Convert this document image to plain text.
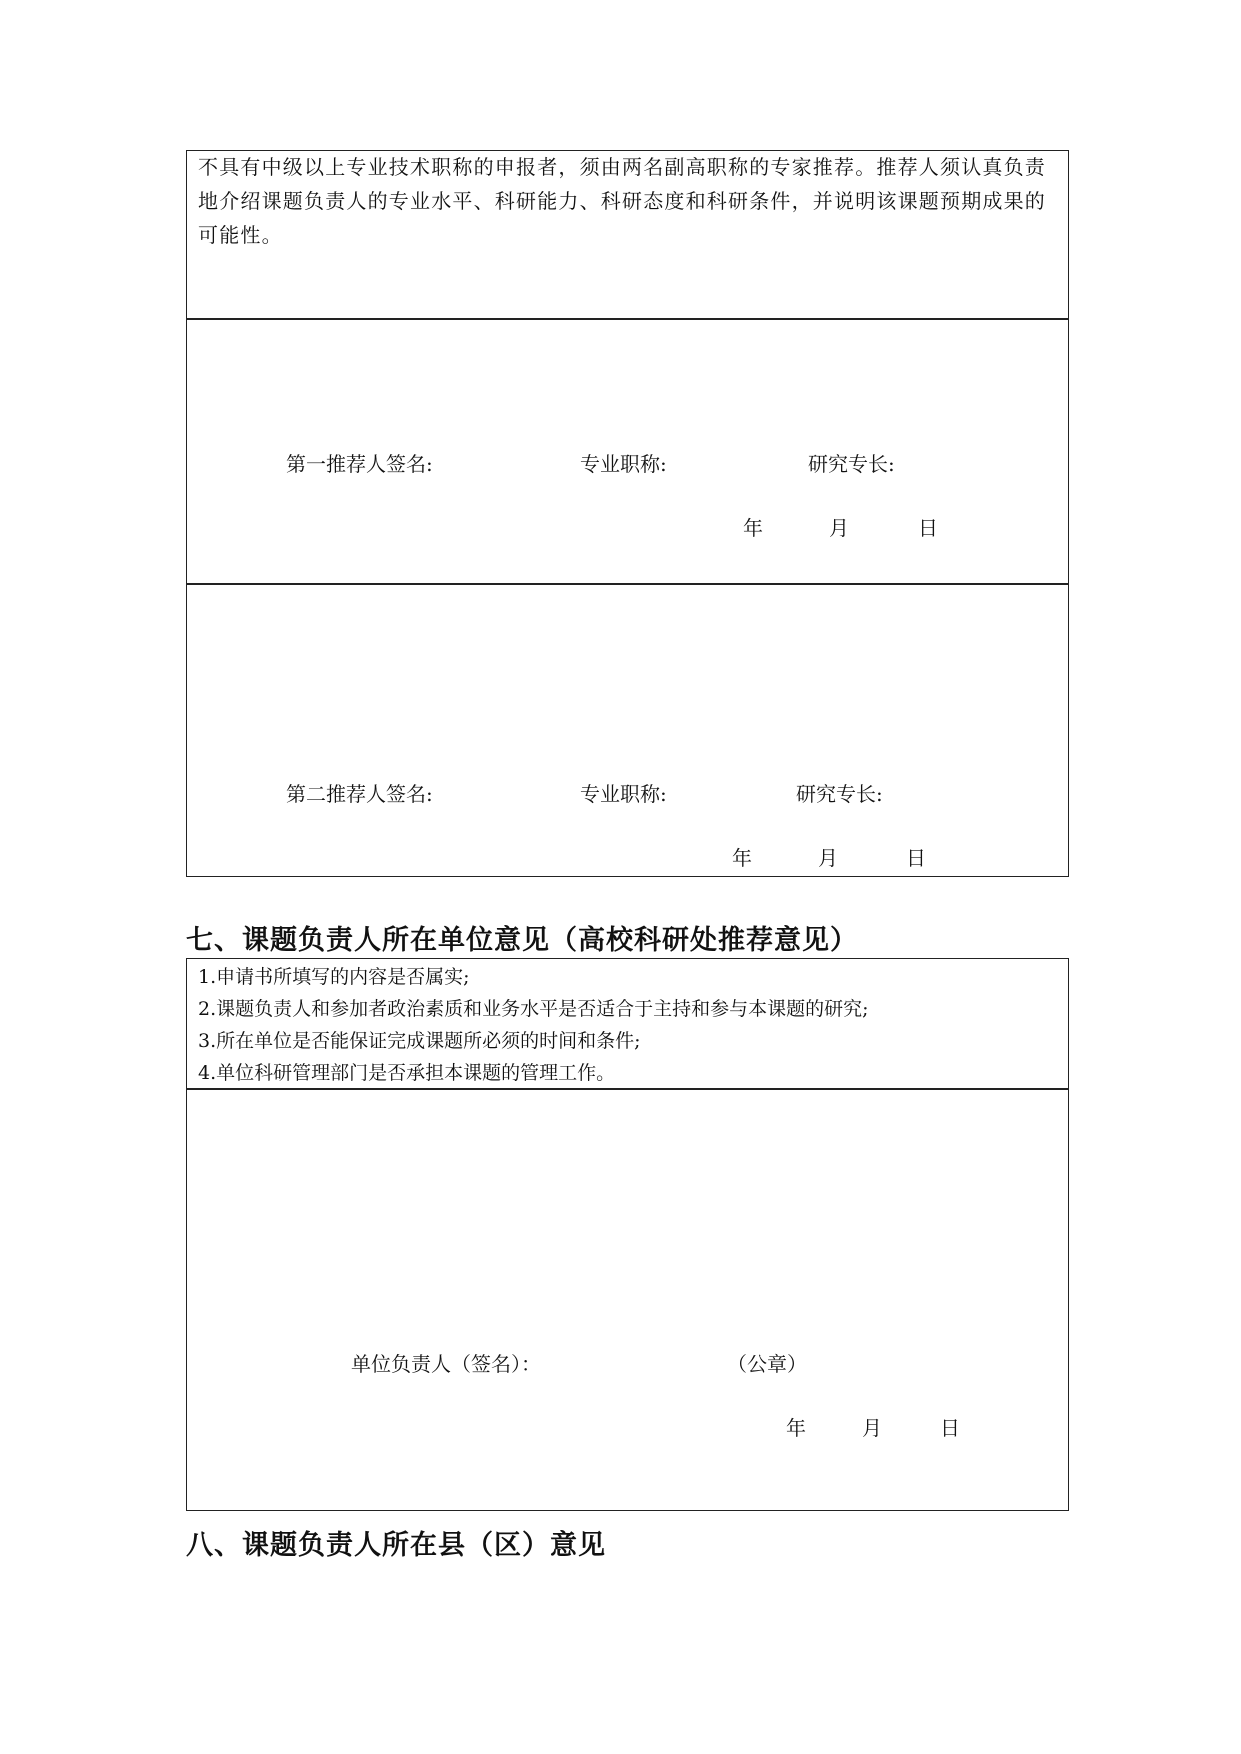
不具有中级以上专业技术职称的申报者，须由两名副高职称的专家推荐。推荐人须认真负责地介绍课题负责人的专业水平、科研能力、科研态度和科研条件，并说明该课题预期成果的可能性。
第一推荐人签名:	专业职称:	研究专长:
年	月	日
第二推荐人签名:	专业职称:	研究专长:
年	月	日
七、课题负责人所在单位意见（高校科研处推荐意见）
1.申请书所填写的内容是否属实;
2.课题负责人和参加者政治素质和业务水平是否适合于主持和参与本课题的研究;
3.所在单位是否能保证完成课题所必须的时间和条件;
4.单位科研管理部门是否承担本课题的管理工作。
单位负责人（签名）：	（公章）
年	月	日
八、课题负责人所在县（区）意见
